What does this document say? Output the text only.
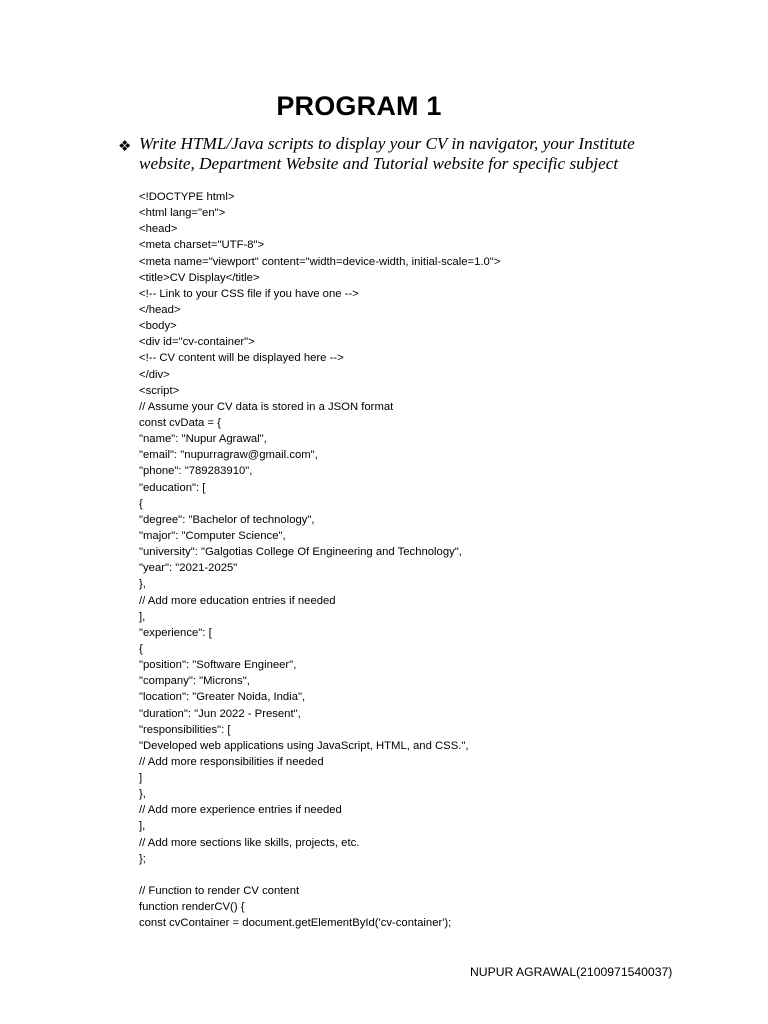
PROGRAM 1
❖ Write HTML/Java scripts to display your CV in navigator, your Institute website, Department Website and Tutorial website for specific subject
<!DOCTYPE html>
<html lang="en">
<head>
<meta charset="UTF-8">
<meta name="viewport" content="width=device-width, initial-scale=1.0">
<title>CV Display</title>
<!-- Link to your CSS file if you have one -->
</head>
<body>
<div id="cv-container">
<!-- CV content will be displayed here -->
</div>
<script>
// Assume your CV data is stored in a JSON format
const cvData = {
"name": "Nupur Agrawal",
"email": "nupurragraw@gmail.com",
"phone": "789283910",
"education": [
{
"degree": "Bachelor of technology",
"major": "Computer Science",
"university": "Galgotias College Of Engineering and Technology",
"year": "2021-2025"
},
// Add more education entries if needed
],
"experience": [
{
"position": "Software Engineer",
"company": "Microns",
"location": "Greater Noida, India",
"duration": "Jun 2022 - Present",
"responsibilities": [
"Developed web applications using JavaScript, HTML, and CSS.",
// Add more responsibilities if needed
]
},
// Add more experience entries if needed
],
// Add more sections like skills, projects, etc.
};
// Function to render CV content
function renderCV() {
const cvContainer = document.getElementById('cv-container');
NUPUR AGRAWAL(2100971540037)
